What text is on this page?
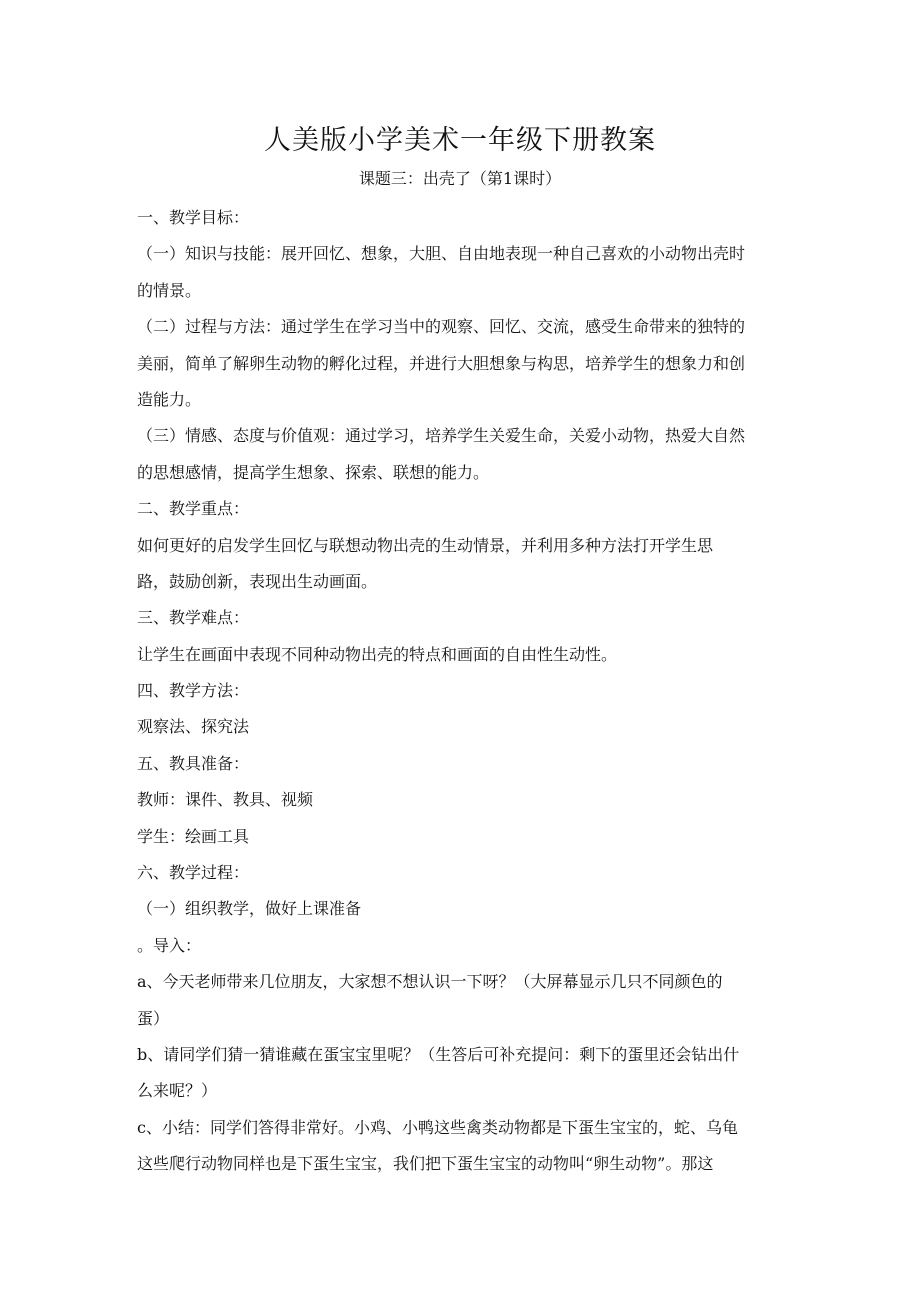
人美版小学美术一年级下册教案
课题三：出壳了（第1课时）
一、教学目标：
（一）知识与技能：展开回忆、想象，大胆、自由地表现一种自己喜欢的小动物出壳时
的情景。
（二）过程与方法：通过学生在学习当中的观察、回忆、交流，感受生命带来的独特的
美丽，简单了解卵生动物的孵化过程，并进行大胆想象与构思，培养学生的想象力和创
造能力。
（三）情感、态度与价值观：通过学习，培养学生关爱生命，关爱小动物，热爱大自然
的思想感情，提高学生想象、探索、联想的能力。
二、教学重点：
如何更好的启发学生回忆与联想动物出壳的生动情景，并利用多种方法打开学生思
路，鼓励创新，表现出生动画面。
三、教学难点：
让学生在画面中表现不同种动物出壳的特点和画面的自由性生动性。
四、教学方法：
观察法、探究法
五、教具准备：
教师：课件、教具、视频
学生：绘画工具
六、教学过程：
（一）组织教学，做好上课准备
。导入：
a、今天老师带来几位朋友，大家想不想认识一下呀？（大屏幕显示几只不同颜色的
蛋）
b、请同学们猜一猜谁藏在蛋宝宝里呢？（生答后可补充提问：剩下的蛋里还会钻出什
么来呢？）
c、小结：同学们答得非常好。小鸡、小鸭这些禽类动物都是下蛋生宝宝的，蛇、乌龟
这些爬行动物同样也是下蛋生宝宝，我们把下蛋生宝宝的动物叫“卵生动物”。那这
